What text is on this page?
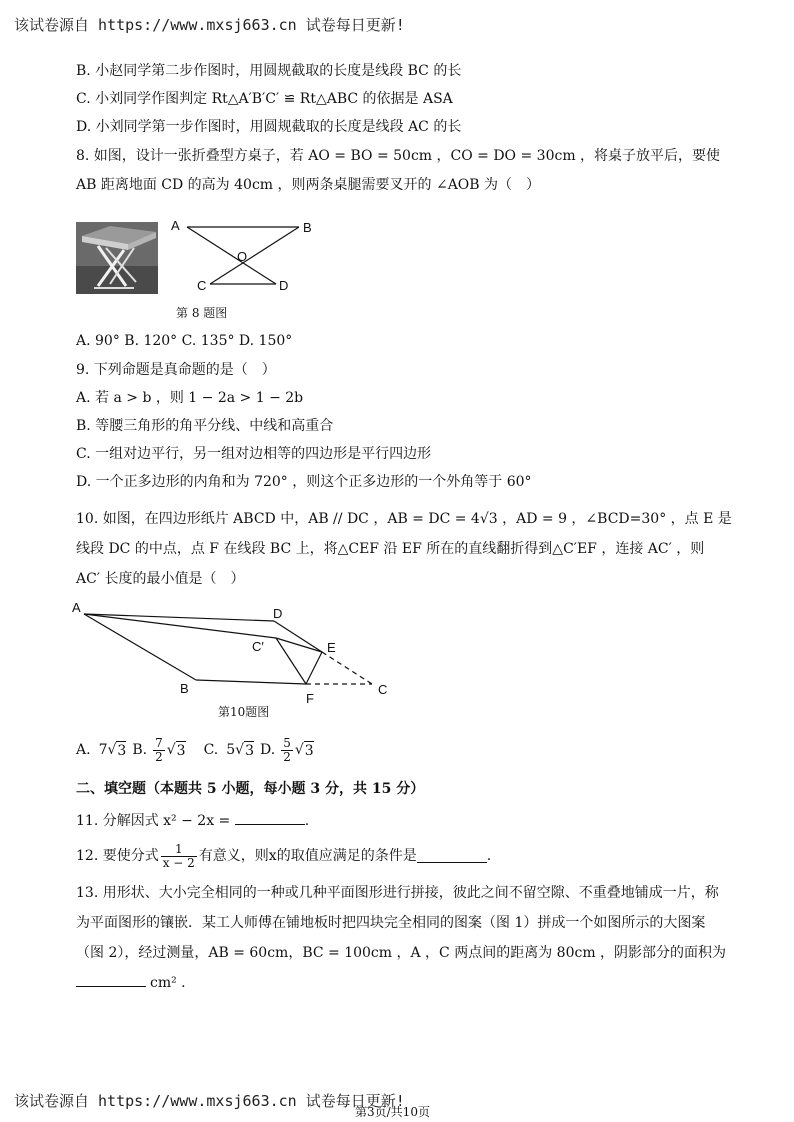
该试卷源自 https://www.mxsj663.cn 试卷每日更新!
B. 小赵同学第二步作图时，用圆规截取的长度是线段 BC 的长
C. 小刘同学作图判定 Rt△A′B′C′ ≌ Rt△ABC 的依据是 ASA
D. 小刘同学第一步作图时，用圆规截取的长度是线段 AC 的长
8. 如图，设计一张折叠型方桌子，若 AO = BO = 50cm ，CO = DO = 30cm ，将桌子放平后，要使
AB 距离地面 CD 的高为 40cm ，则两条桌腿需要叉开的 ∠AOB 为（　）
A	B
O
C	D
第 8 题图
A. 90° B. 120° C. 135° D. 150°
9. 下列命题是真命题的是（　）
A. 若 a > b ，则 1 − 2a > 1 − 2b
B. 等腰三角形的角平分线、中线和高重合
C. 一组对边平行，另一组对边相等的四边形是平行四边形
D. 一个正多边形的内角和为 720° ，则这个正多边形的一个外角等于 60°
10. 如图，在四边形纸片 ABCD 中，AB // DC ，AB = DC = 4√3 ，AD = 9 ，∠BCD=30° ，点 E 是
线段 DC 的中点，点 F 在线段 BC 上，将△CEF 沿 EF 所在的直线翻折得到△C′EF ，连接 AC′ ，则
AC′ 长度的最小值是（　）
A	D
C′	E
B
F
C
第10题图
A. 7 √ 3 B. $\frac{7}{2}$ √ 3 C. 5 √ 3 D. $\frac{5}{2}$ √ 3
二、填空题（本题共 5 小题，每小题 3 分，共 15 分）
11. 分解因式 x² − 2x =	.
12. 要使分式 $\frac{1}{x - 2}$ 有意义，则x的取值应满足的条件是	.
13. 用形状、大小完全相同的一种或几种平面图形进行拼接，彼此之间不留空隙、不重叠地铺成一片，称
为平面图形的镶嵌．某工人师傅在铺地板时把四块完全相同的图案（图 1）拼成一个如图所示的大图案
（图 2），经过测量，AB = 60cm，BC = 100cm ，A ，C 两点间的距离为 80cm ，阴影部分的面积为
cm² .
该试卷源自 https://www.mxsj663.cn 试卷每日更新!
第3页/共10页
